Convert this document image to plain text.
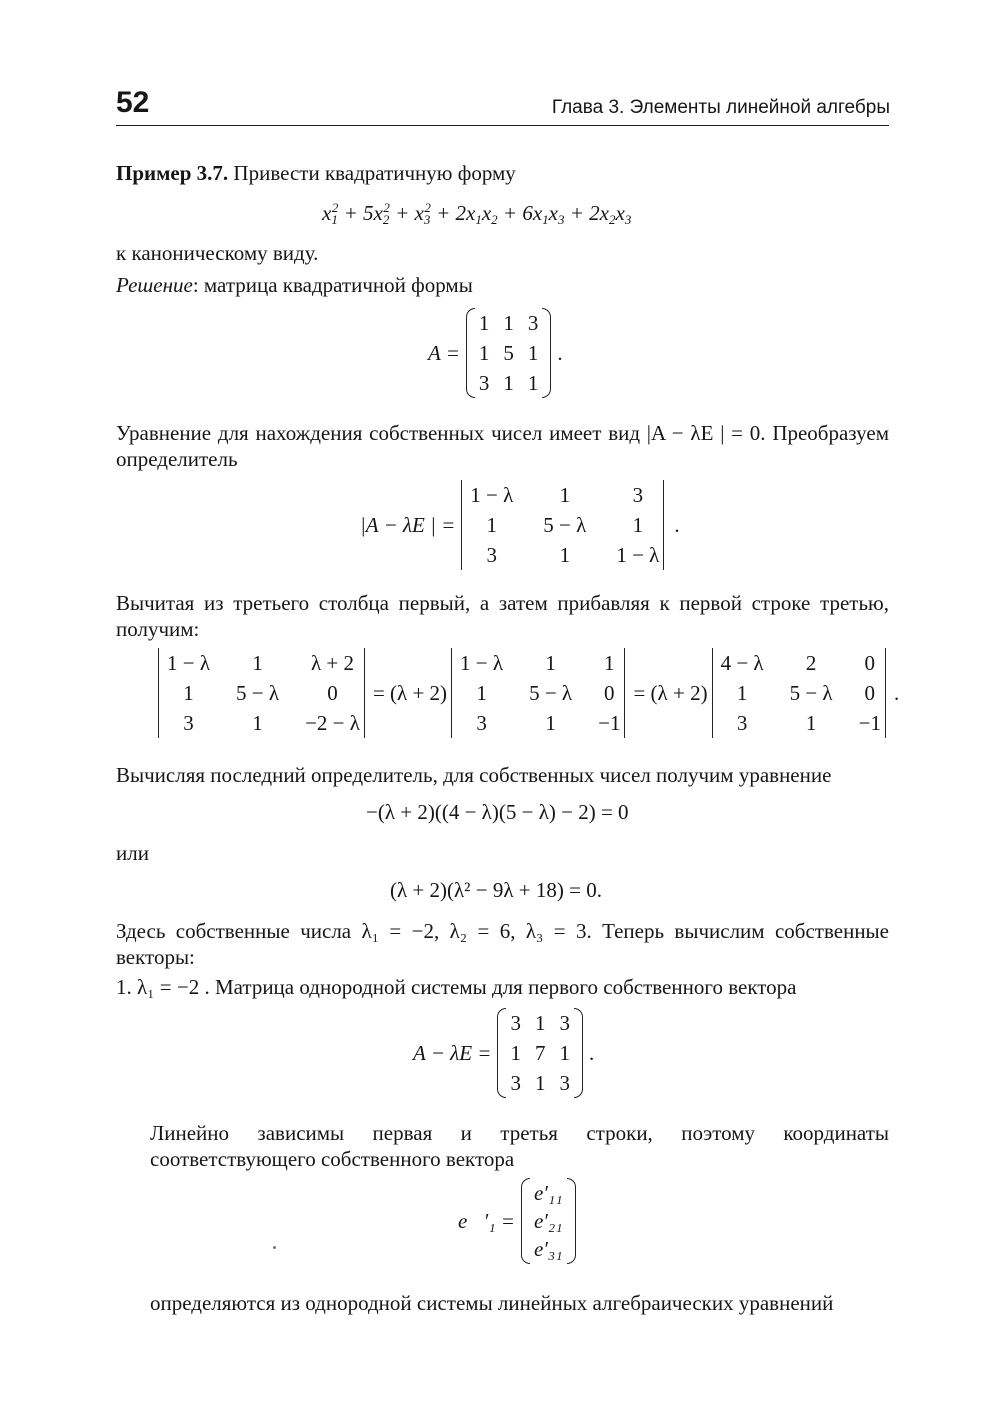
52	Глава 3. Элементы линейной алгебры
Пример 3.7. Привести квадратичную форму
$x_1^2 + 5x_2^2 + x_3^2 + 2x_1x_2 + 6x_1x_3 + 2x_2x_3$
к каноническому виду.
Решение: матрица квадратичной формы
A =
1 1 3
1 5 1
3 1 1
.
Уравнение для нахождения собственных чисел имеет вид |A − λE | = 0. Преобразуем определитель
|A − λE | =
1 − λ	1	3
1	5 − λ	1
3	1	1 − λ
.
Вычитая из третьего столбца первый, а затем прибавляя к первой строке третью, получим:
1 − λ	1	λ + 2
1	5 − λ	0
3	1	−2 − λ
= (λ + 2)
1 − λ	1	1
1	5 − λ 0
3	1	−1
= (λ + 2)
4 − λ	2	0
1	5 − λ 0
3	1	−1
.
Вычисляя последний определитель, для собственных чисел получим уравнение
−(λ + 2)((4 − λ)(5 − λ) − 2) = 0
или
(λ + 2)(λ² − 9λ + 18) = 0.
Здесь собственные числа λ₁ = −2, λ₂ = 6, λ₃ = 3. Теперь вычислим собственные векторы:
1. λ₁ = −2 . Матрица однородной системы для первого собственного вектора
A − λE =
3 1 3
1 7 1
3 1 3
.
Линейно зависимы первая и третья строки, поэтому координаты соответствующего собственного вектора
e⃗′₁ =
e′₁₁
e′₂₁
e′₃₁
определяются из однородной системы линейных алгебраических уравнений
